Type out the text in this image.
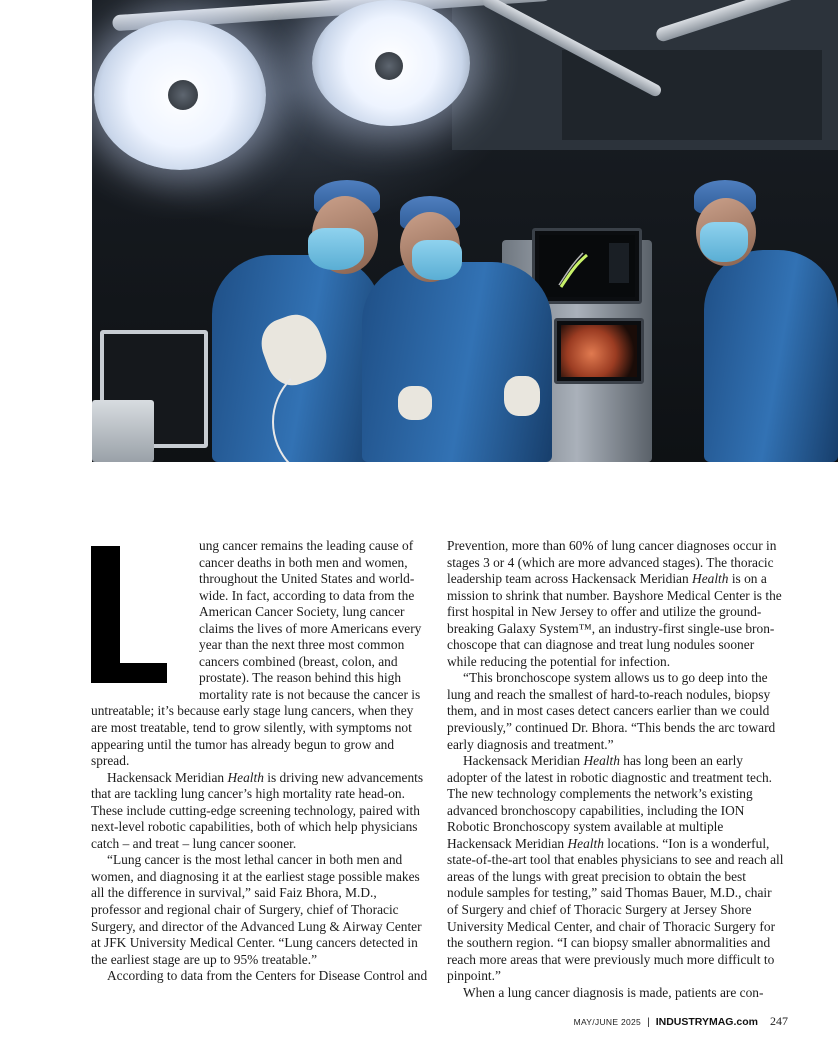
ung cancer remains the leading cause of cancer deaths in both men and women, throughout the United States and world-wide. In fact, according to data from the American Cancer Society, lung cancer claims the lives of more Americans every year than the next three most common cancers combined (breast, colon, and prostate). The reason behind this high mortality rate is not because the cancer is untreatable; it’s because early stage lung cancers, when they are most treatable, tend to grow silently, with symptoms not appearing until the tumor has already begun to grow and spread.

Hackensack Meridian Health is driving new advancements that are tackling lung cancer’s high mortality rate head-on. These include cutting-edge screening technology, paired with next-level robotic capabilities, both of which help physicians catch – and treat – lung cancer sooner.

“Lung cancer is the most lethal cancer in both men and women, and diagnosing it at the earliest stage possible makes all the difference in survival,” said Faiz Bhora, M.D., professor and regional chair of Surgery, chief of Thoracic Surgery, and director of the Advanced Lung & Airway Center at JFK University Medical Center. “Lung cancers detected in the earliest stage are up to 95% treatable.”

According to data from the Centers for Disease Control and

Prevention, more than 60% of lung cancer diagnoses occur in stages 3 or 4 (which are more advanced stages). The thoracic leadership team across Hackensack Meridian Health is on a mission to shrink that number. Bayshore Medical Center is the first hospital in New Jersey to offer and utilize the ground-breaking Galaxy System™, an industry-first single-use bron-choscope that can diagnose and treat lung nodules sooner while reducing the potential for infection.

“This bronchoscope system allows us to go deep into the lung and reach the smallest of hard-to-reach nodules, biopsy them, and in most cases detect cancers earlier than we could previously,” continued Dr. Bhora. “This bends the arc toward early diagnosis and treatment.”

Hackensack Meridian Health has long been an early adopter of the latest in robotic diagnostic and treatment tech. The new technology complements the network’s existing advanced bronchoscopy capabilities, including the ION Robotic Bronchoscopy system available at multiple Hackensack Meridian Health locations. “Ion is a wonderful, state-of-the-art tool that enables physicians to see and reach all areas of the lungs with great precision to obtain the best nodule samples for testing,” said Thomas Bauer, M.D., chair of Surgery and chief of Thoracic Surgery at Jersey Shore University Medical Center, and chair of Thoracic Surgery for the southern region. “I can biopsy smaller abnormalities and reach more areas that were previously much more difficult to pinpoint.”

When a lung cancer diagnosis is made, patients are con-

MAY/JUNE 2025 | INDUSTRYMAG.com 247
